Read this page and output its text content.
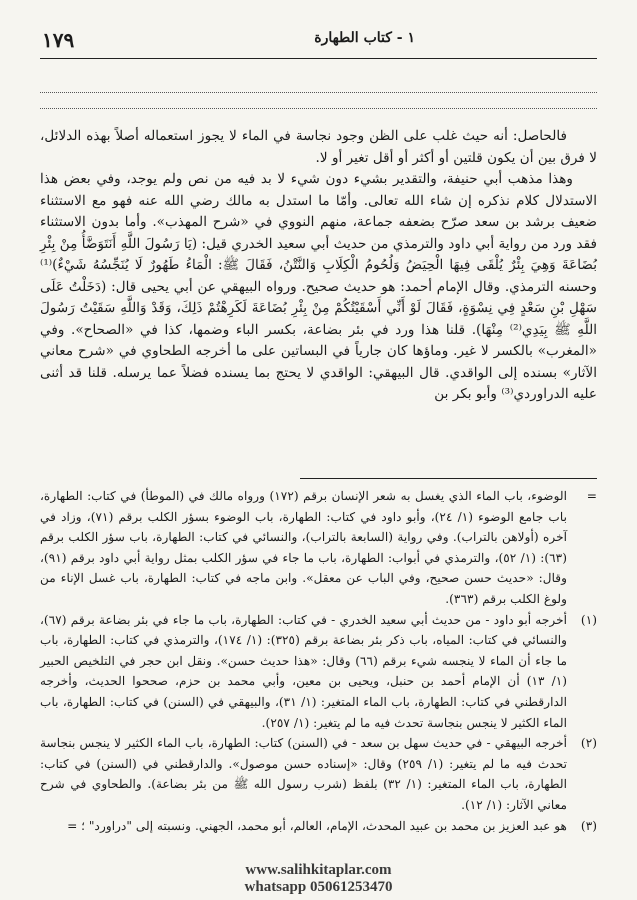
١٧٩	١ - كتاب الطهارة

فالحاصل: أنه حيث غلب على الظن وجود نجاسة في الماء لا يجوز استعماله أصلاً بهذه الدلائل، لا فرق بين أن يكون قلتين أو أكثر أو أقل تغير أو لا.

وهذا مذهب أبي حنيفة، والتقدير بشيء دون شيء لا بد فيه من نص ولم يوجد، وفي بعض هذا الاستدلال كلام نذكره إن شاء الله تعالى. وأمّا ما استدل به مالك رضي الله عنه فهو مع الاستثناء ضعيف برشد بن سعد صرّح بضعفه جماعة، منهم النووي في «شرح المهذب». وأما بدون الاستثناء فقد ورد من رواية أبي داود والترمذي من حديث أبي سعيد الخدري قيل: (يَا رَسُولَ اللَّهِ أَنَتَوَضَّأُ مِنْ بِئْرِ بُضَاعَةَ وَهِيَ بِئْرٌ يُلْقَى فِيهَا الْحِيَضُ وَلُحُومُ الْكِلَابِ وَالنَّتْنُ، فَقَالَ ﷺ: الْمَاءُ طَهُورٌ لَا يُنَجِّسُهُ شَيْءٌ)⁽¹⁾ وحسنه الترمذي. وقال الإمام أحمد: هو حديث صحيح. ورواه البيهقي عن أبي يحيى قال: (دَخَلْتُ عَلَى سَهْلِ بْنِ سَعْدٍ فِي نِسْوَةٍ، فَقَالَ لَوْ أَنِّي أَسْقَيْتُكُمْ مِنْ بِئْرِ بُضَاعَةَ لَكَرِهْتُمْ ذَلِكَ، وَقَدْ وَاللَّهِ سَقَيْتُ رَسُولَ اللَّهِ ﷺ بِيَدِي⁽²⁾ مِنْهَا). قلنا هذا ورد في بئر بضاعة، بكسر الباء وضمها، كذا في «الصحاح». وفي «المغرب» بالكسر لا غير. وماؤها كان جارياً في البساتين على ما أخرجه الطحاوي في «شرح معاني الآثار» بسنده إلى الواقدي. قال البيهقي: الواقدي لا يحتج بما يسنده فضلاً عما يرسله. قلنا قد أثنى عليه الدراوردي⁽³⁾ وأبو بكر بن

=
الوضوء، باب الماء الذي يغسل به شعر الإنسان برقم (١٧٢) ورواه مالك في (الموطأ) في كتاب: الطهارة، باب جامع الوضوء (١/ ٢٤)، وأبو داود في كتاب: الطهارة، باب الوضوء بسؤر الكلب برقم (٧١)، وزاد في آخره (أولاهن بالتراب). وفي رواية (السابعة بالتراب)، والنسائي في كتاب: الطهارة، باب سؤر الكلب برقم (٦٣): (١/ ٥٢)، والترمذي في أبواب: الطهارة، باب ما جاء في سؤر الكلب بمثل رواية أبي داود برقم (٩١)، وقال: «حديث حسن صحيح، وفي الباب عن معقل». وابن ماجه في كتاب: الطهارة، باب غسل الإناء من ولوغ الكلب برقم (٣٦٣).
(١)
أخرجه أبو داود - من حديث أبي سعيد الخدري - في كتاب: الطهارة، باب ما جاء في بئر بضاعة برقم (٦٧)، والنسائي في كتاب: المياه، باب ذكر بئر بضاعة برقم (٣٢٥): (١/ ١٧٤)، والترمذي في كتاب: الطهارة، باب ما جاء أن الماء لا ينجسه شيء برقم (٦٦) وقال: «هذا حديث حسن». ونقل ابن حجر في التلخيص الحبير (١/ ١٣) أن الإمام أحمد بن حنبل، ويحيى بن معين، وأبي محمد بن حزم، صححوا الحديث، وأخرجه الدارقطني في كتاب: الطهارة، باب الماء المتغير: (١/ ٣١)، والبيهقي في (السنن) في كتاب: الطهارة، باب الماء الكثير لا ينجس بنجاسة تحدث فيه ما لم يتغير: (١/ ٢٥٧).
(٢)
أخرجه البيهقي - في حديث سهل بن سعد - في (السنن) كتاب: الطهارة، باب الماء الكثير لا ينجس بنجاسة تحدث فيه ما لم يتغير: (١/ ٢٥٩) وقال: «إسناده حسن موصول». والدارقطني في (السنن) في كتاب: الطهارة، باب الماء المتغير: (١/ ٣٢) بلفظ (شرب رسول الله ﷺ من بئر بضاعة). والطحاوي في شرح معاني الآثار: (١/ ١٢).
(٣)
هو عبد العزيز بن محمد بن عبيد المحدث، الإمام، العالم، أبو محمد، الجهني. ونسبته إلى "دراورد" ؛ =
www.salihkitaplar.com
whatsapp 05061253470
